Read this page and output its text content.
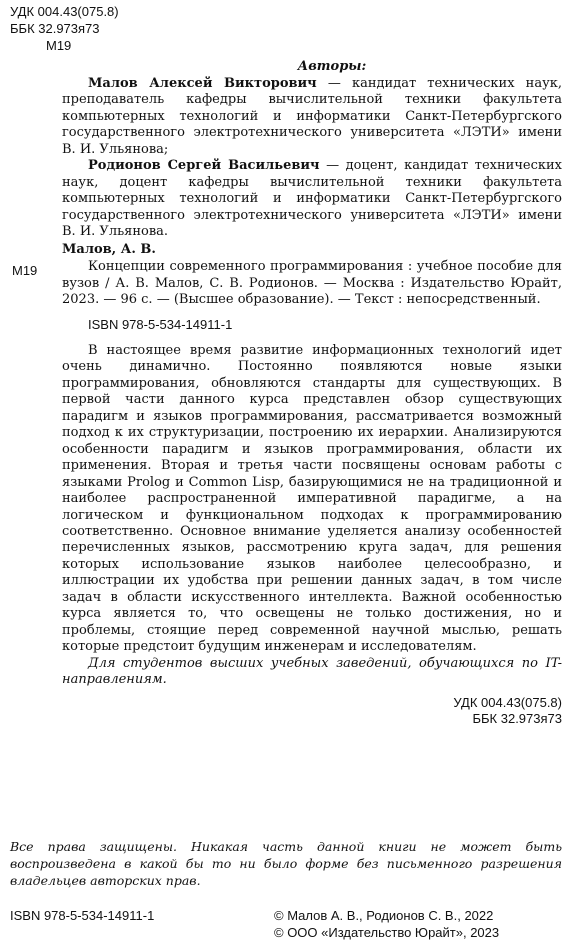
УДК 004.43(075.8)
ББК 32.973я73
М19
Авторы:
Малов Алексей Викторович — кандидат технических наук, преподаватель кафедры вычислительной техники факультета компьютерных технологий и информатики Санкт-Петербургского государственного электротехнического университета «ЛЭТИ» имени В. И. Ульянова;
Родионов Сергей Васильевич — доцент, кандидат технических наук, доцент кафедры вычислительной техники факультета компьютерных технологий и информатики Санкт-Петербургского государственного электротехнического университета «ЛЭТИ» имени В. И. Ульянова.
Малов, А. В.
М19	Концепции современного программирования : учебное пособие для вузов / А. В. Малов, С. В. Родионов. — Москва : Издательство Юрайт, 2023. — 96 с. — (Высшее образование). — Текст : непосредственный.
ISBN 978-5-534-14911-1
В настоящее время развитие информационных технологий идет очень динамично. Постоянно появляются новые языки программирования, обновляются стандарты для существующих. В первой части данного курса представлен обзор существующих парадигм и языков программирования, рассматривается возможный подход к их структуризации, построению их иерархии. Анализируются особенности парадигм и языков программирования, области их применения. Вторая и третья части посвящены основам работы с языками Prolog и Common Lisp, базирующимися не на традиционной и наиболее распространенной императивной парадигме, а на логическом и функциональном подходах к программированию соответственно. Основное внимание уделяется анализу особенностей перечисленных языков, рассмотрению круга задач, для решения которых использование языков наиболее целесообразно, и иллюстрации их удобства при решении данных задач, в том числе задач в области искусственного интеллекта. Важной особенностью курса является то, что освещены не только достижения, но и проблемы, стоящие перед современной научной мыслью, решать которые предстоит будущим инженерам и исследователям.
Для студентов высших учебных заведений, обучающихся по IT-направлениям.
УДК 004.43(075.8)
ББК 32.973я73
Все права защищены. Никакая часть данной книги не может быть воспроизведена в какой бы то ни было форме без письменного разрешения владельцев авторских прав.
ISBN 978-5-534-14911-1	© Малов А. В., Родионов С. В., 2022
© ООО «Издательство Юрайт», 2023
